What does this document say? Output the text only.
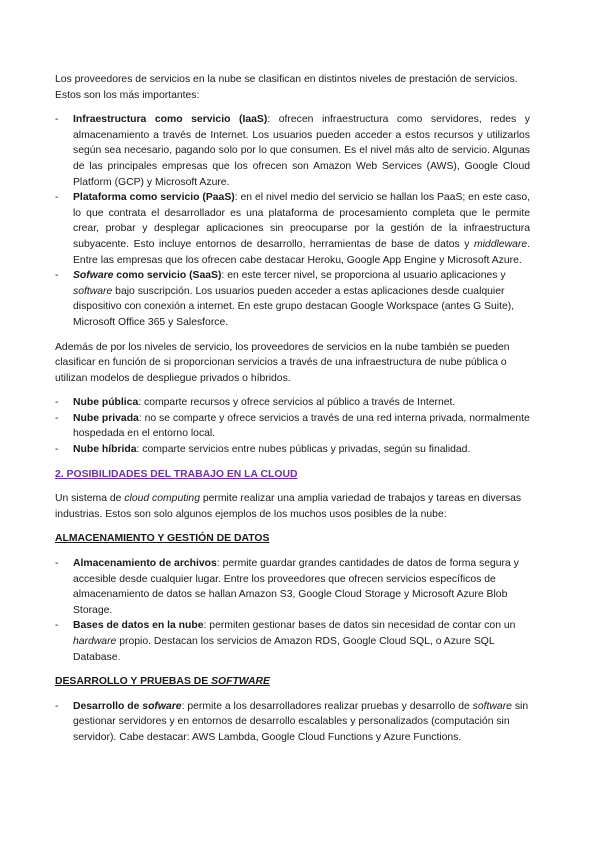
Los proveedores de servicios en la nube se clasifican en distintos niveles de prestación de servicios. Estos son los más importantes:

- Infraestructura como servicio (IaaS): ofrecen infraestructura como servidores, redes y almacenamiento a través de Internet. Los usuarios pueden acceder a estos recursos y utilizarlos según sea necesario, pagando solo por lo que consumen. Es el nivel más alto de servicio. Algunas de las principales empresas que los ofrecen son Amazon Web Services (AWS), Google Cloud Platform (GCP) y Microsoft Azure.
- Plataforma como servicio (PaaS): en el nivel medio del servicio se hallan los PaaS; en este caso, lo que contrata el desarrollador es una plataforma de procesamiento completa que le permite crear, probar y desplegar aplicaciones sin preocuparse por la gestión de la infraestructura subyacente. Esto incluye entornos de desarrollo, herramientas de base de datos y middleware. Entre las empresas que los ofrecen cabe destacar Heroku, Google App Engine y Microsoft Azure.
- Sofware como servicio (SaaS): en este tercer nivel, se proporciona al usuario aplicaciones y software bajo suscripción. Los usuarios pueden acceder a estas aplicaciones desde cualquier dispositivo con conexión a internet. En este grupo destacan Google Workspace (antes G Suite), Microsoft Office 365 y Salesforce.

Además de por los niveles de servicio, los proveedores de servicios en la nube también se pueden clasificar en función de si proporcionan servicios a través de una infraestructura de nube pública o utilizan modelos de despliegue privados o híbridos.

- Nube pública: comparte recursos y ofrece servicios al público a través de Internet.
- Nube privada: no se comparte y ofrece servicios a través de una red interna privada, normalmente hospedada en el entorno local.
- Nube híbrida: comparte servicios entre nubes públicas y privadas, según su finalidad.

2. POSIBILIDADES DEL TRABAJO EN LA CLOUD

Un sistema de cloud computing permite realizar una amplia variedad de trabajos y tareas en diversas industrias. Estos son solo algunos ejemplos de los muchos usos posibles de la nube:

ALMACENAMIENTO Y GESTIÓN DE DATOS

- Almacenamiento de archivos: permite guardar grandes cantidades de datos de forma segura y accesible desde cualquier lugar. Entre los proveedores que ofrecen servicios específicos de almacenamiento de datos se hallan Amazon S3, Google Cloud Storage y Microsoft Azure Blob Storage.
- Bases de datos en la nube: permiten gestionar bases de datos sin necesidad de contar con un hardware propio. Destacan los servicios de Amazon RDS, Google Cloud SQL, o Azure SQL Database.

DESARROLLO Y PRUEBAS DE SOFTWARE

- Desarrollo de sofware: permite a los desarrolladores realizar pruebas y desarrollo de software sin gestionar servidores y en entornos de desarrollo escalables y personalizados (computación sin servidor). Cabe destacar: AWS Lambda, Google Cloud Functions y Azure Functions.
